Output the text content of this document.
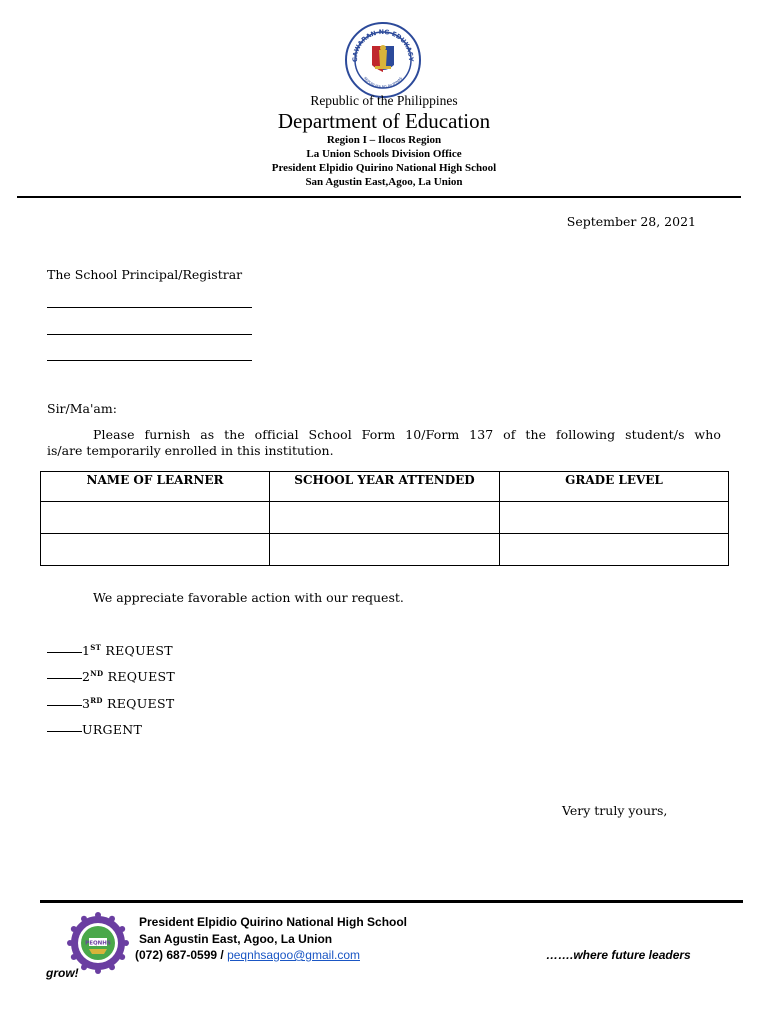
GAWARAN NG EDUKASY
REPUBLIKA NG PILIPINAS
Republic of the Philippines
Department of Education
Region I – Ilocos Region
La Union Schools Division Office
President Elpidio Quirino National High School
San Agustin East,Agoo, La Union
September 28, 2021
The School Principal/Registrar
Sir/Ma'am:
Please furnish as the official School Form 10/Form 137 of the following student/s who
is/are temporarily enrolled in this institution.
NAME OF LEARNER	SCHOOL YEAR ATTENDED	GRADE LEVEL

We appreciate favorable action with our request.
1ST REQUEST
2ND REQUEST
3RD REQUEST
URGENT
Very truly yours,
PEQNHS
President Elpidio Quirino National High School
San Agustin East, Agoo, La Union
(072) 687-0599 / peqnhsagoo@gmail.com	…….where future leaders
grow!
